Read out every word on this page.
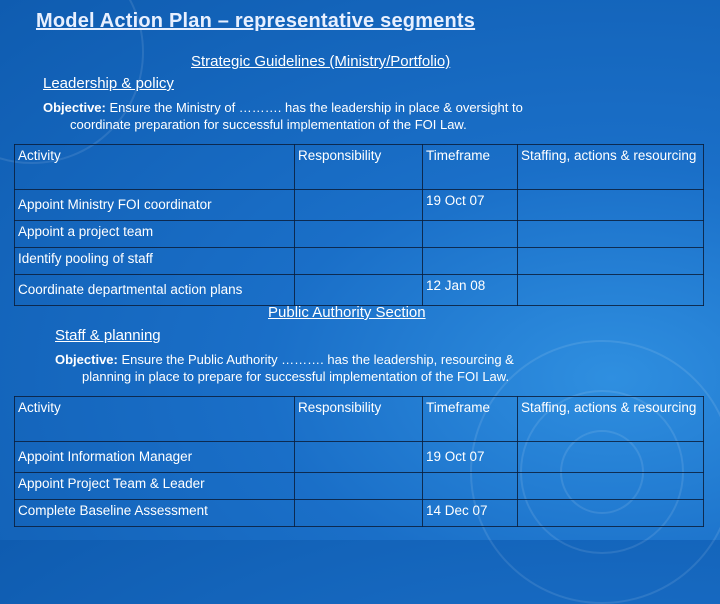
Model Action Plan – representative segments
Strategic Guidelines (Ministry/Portfolio)
Leadership & policy
Objective: Ensure the Ministry of ………. has the leadership in place & oversight to
coordinate preparation for successful implementation of the FOI Law.
Activity	Responsibility	Timeframe	Staffing, actions & resourcing
Appoint Ministry FOI coordinator		19 Oct 07	
Appoint a project team			
Identify pooling of staff			
Coordinate departmental action plans		12 Jan 08	
Public Authority Section
Staff & planning
Objective: Ensure the Public Authority ………. has the leadership, resourcing &
planning in place to prepare for successful implementation of the FOI Law.
Activity	Responsibility	Timeframe	Staffing, actions & resourcing
Appoint Information Manager		19 Oct 07	
Appoint Project Team & Leader			
Complete Baseline Assessment		14 Dec 07	
